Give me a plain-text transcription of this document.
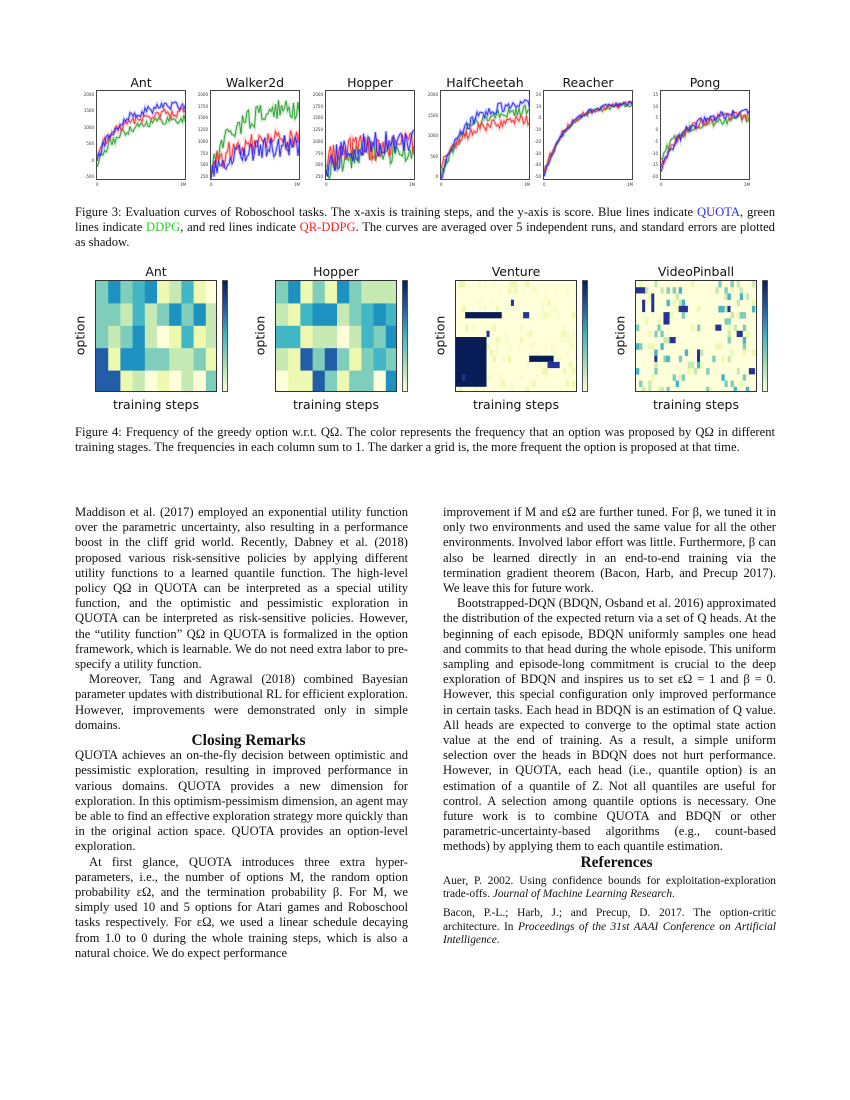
Ant
2000
1500
1000
500
0
-500
0	1M
Walker2d
2000
1750
1500
1250
1000
750
500
250
0	1M
Hopper
2000
1750
1500
1250
1000
750
500
250
0	1M
HalfCheetah
2000
1500
1000
500
0
0	1M
Reacher
20
10
0
-10
-20
-30
-40
-50
0	1M
Pong
15
10
5
0
-5
-10
-15
-20
0	1M
Figure 3: Evaluation curves of Roboschool tasks. The x-axis is training steps, and the y-axis is score. Blue lines indicate QUOTA, green lines indicate DDPG, and red lines indicate QR-DDPG. The curves are averaged over 5 independent runs, and standard errors are plotted as shadow.
Ant
option
training steps
Hopper
option
training steps
Venture
option
training steps
VideoPinball
option
training steps
Figure 4: Frequency of the greedy option w.r.t. QΩ. The color represents the frequency that an option was proposed by QΩ in different training stages. The frequencies in each column sum to 1. The darker a grid is, the more frequent the option is proposed at that time.

Maddison et al. (2017) employed an exponential utility function over the parametric uncertainty, also resulting in a performance boost in the cliff grid world. Recently, Dabney et al. (2018) proposed various risk-sensitive policies by applying different utility functions to a learned quantile function. The high-level policy QΩ in QUOTA can be interpreted as a special utility function, and the optimistic and pessimistic exploration in QUOTA can be interpreted as risk-sensitive policies. However, the “utility function” QΩ in QUOTA is formalized in the option framework, which is learnable. We do not need extra labor to pre-specify a utility function.

Moreover, Tang and Agrawal (2018) combined Bayesian parameter updates with distributional RL for efficient exploration. However, improvements were demonstrated only in simple domains.

Closing Remarks

QUOTA achieves an on-the-fly decision between optimistic and pessimistic exploration, resulting in improved performance in various domains. QUOTA provides a new dimension for exploration. In this optimism-pessimism dimension, an agent may be able to find an effective exploration strategy more quickly than in the original action space. QUOTA provides an option-level exploration.

At first glance, QUOTA introduces three extra hyper-parameters, i.e., the number of options M, the random option probability εΩ, and the termination probability β. For M, we simply used 10 and 5 options for Atari games and Roboschool tasks respectively. For εΩ, we used a linear schedule decaying from 1.0 to 0 during the whole training steps, which is also a natural choice. We do expect performance

improvement if M and εΩ are further tuned. For β, we tuned it in only two environments and used the same value for all the other environments. Involved labor effort was little. Furthermore, β can also be learned directly in an end-to-end training via the termination gradient theorem (Bacon, Harb, and Precup 2017). We leave this for future work.

Bootstrapped-DQN (BDQN, Osband et al. 2016) approximated the distribution of the expected return via a set of Q heads. At the beginning of each episode, BDQN uniformly samples one head and commits to that head during the whole episode. This uniform sampling and episode-long commitment is crucial to the deep exploration of BDQN and inspires us to set εΩ = 1 and β = 0. However, this special configuration only improved performance in certain tasks. Each head in BDQN is an estimation of Q value. All heads are expected to converge to the optimal state action value at the end of training. As a result, a simple uniform selection over the heads in BDQN does not hurt performance. However, in QUOTA, each head (i.e., quantile option) is an estimation of a quantile of Z. Not all quantiles are useful for control. A selection among quantile options is necessary. One future work is to combine QUOTA and BDQN or other parametric-uncertainty-based algorithms (e.g., count-based methods) by applying them to each quantile estimation.

References

Auer, P. 2002. Using confidence bounds for exploitation-exploration trade-offs. Journal of Machine Learning Research.

Bacon, P.-L.; Harb, J.; and Precup, D. 2017. The option-critic architecture. In Proceedings of the 31st AAAI Conference on Artificial Intelligence.
